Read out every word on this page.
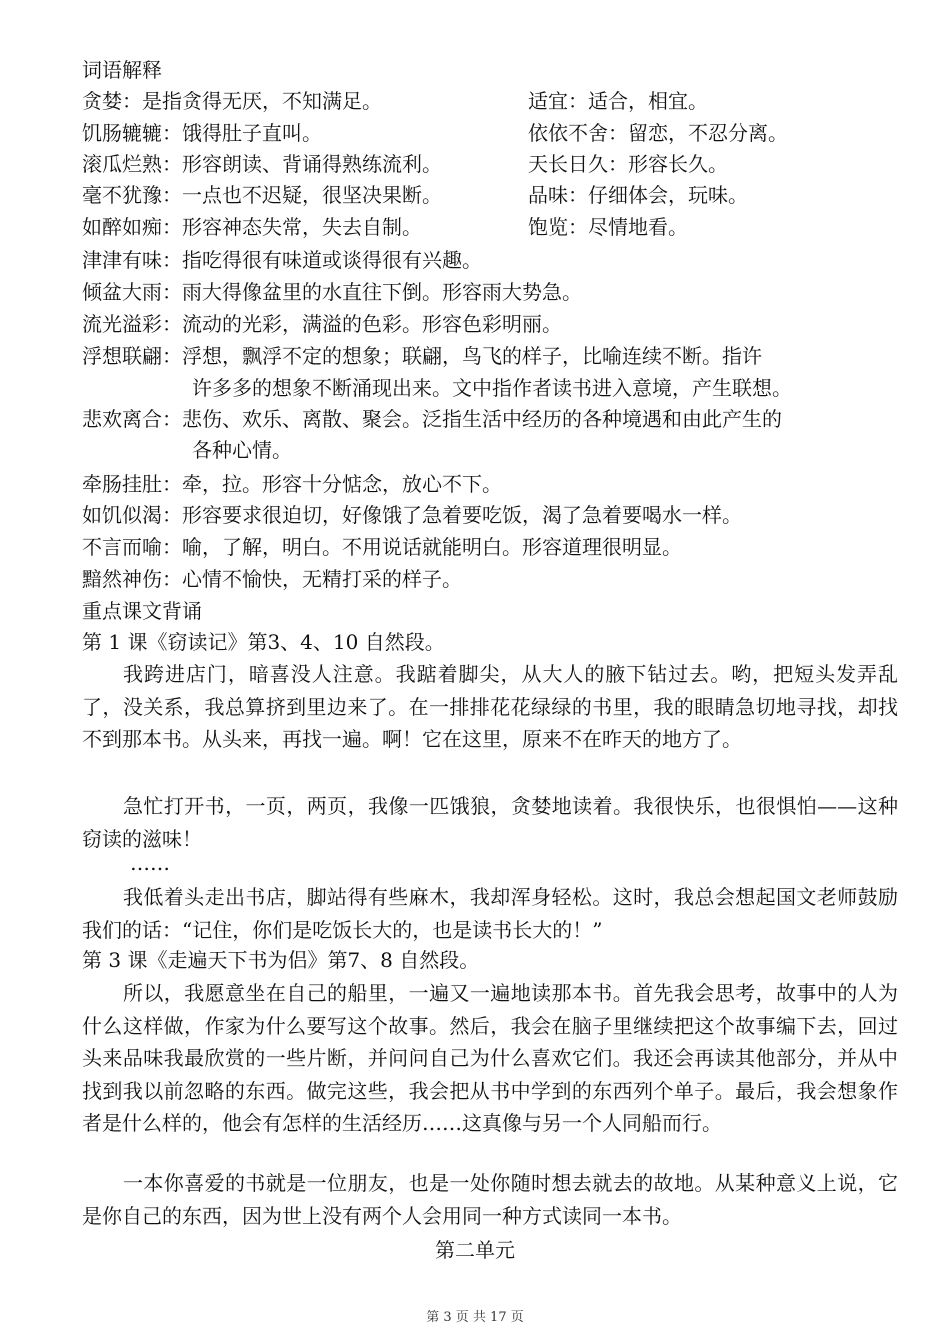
词语解释
贪婪：是指贪得无厌，不知满足。	适宜：适合，相宜。
饥肠辘辘：饿得肚子直叫。	依依不舍：留恋，不忍分离。
滚瓜烂熟：形容朗读、背诵得熟练流利。	天长日久：形容长久。
毫不犹豫：一点也不迟疑，很坚决果断。	品味：仔细体会，玩味。
如醉如痴：形容神态失常，失去自制。	饱览：尽情地看。
津津有味：指吃得很有味道或谈得很有兴趣。
倾盆大雨：雨大得像盆里的水直往下倒。形容雨大势急。
流光溢彩：流动的光彩，满溢的色彩。形容色彩明丽。
浮想联翩：浮想，飘浮不定的想象；联翩，鸟飞的样子，比喻连续不断。指许
许多多的想象不断涌现出来。文中指作者读书进入意境，产生联想。
悲欢离合：悲伤、欢乐、离散、聚会。泛指生活中经历的各种境遇和由此产生的
各种心情。
牵肠挂肚：牵，拉。形容十分惦念，放心不下。
如饥似渴：形容要求很迫切，好像饿了急着要吃饭，渴了急着要喝水一样。
不言而喻：喻，了解，明白。不用说话就能明白。形容道理很明显。
黯然神伤：心情不愉快，无精打采的样子。
重点课文背诵
第 1 课《窃读记》第3、4、10 自然段。
我跨进店门，暗喜没人注意。我踮着脚尖，从大人的腋下钻过去。哟，把短头发弄乱了，没关系，我总算挤到里边来了。在一排排花花绿绿的书里，我的眼睛急切地寻找，却找不到那本书。从头来，再找一遍。啊！它在这里，原来不在昨天的地方了。
急忙打开书，一页，两页，我像一匹饿狼，贪婪地读着。我很快乐，也很惧怕——这种窃读的滋味！
……
我低着头走出书店，脚站得有些麻木，我却浑身轻松。这时，我总会想起国文老师鼓励我们的话：“记住，你们是吃饭长大的，也是读书长大的！”
第 3 课《走遍天下书为侣》第7、8 自然段。
所以，我愿意坐在自己的船里，一遍又一遍地读那本书。首先我会思考，故事中的人为什么这样做，作家为什么要写这个故事。然后，我会在脑子里继续把这个故事编下去，回过头来品味我最欣赏的一些片断，并问问自己为什么喜欢它们。我还会再读其他部分，并从中找到我以前忽略的东西。做完这些，我会把从书中学到的东西列个单子。最后，我会想象作者是什么样的，他会有怎样的生活经历……这真像与另一个人同船而行。
一本你喜爱的书就是一位朋友，也是一处你随时想去就去的故地。从某种意义上说，它是你自己的东西，因为世上没有两个人会用同一种方式读同一本书。
第二单元
第 3 页 共 17 页
